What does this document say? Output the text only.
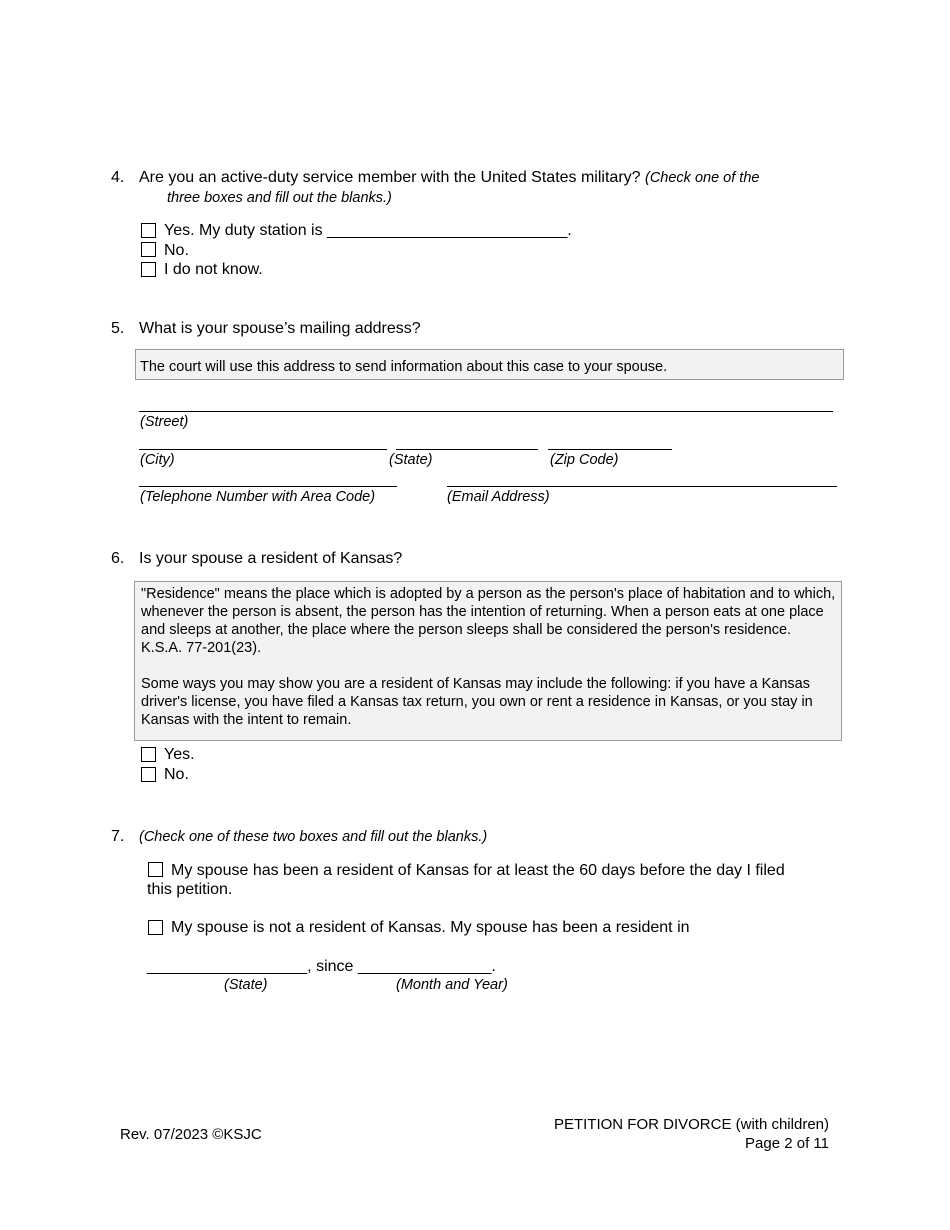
4. Are you an active-duty service member with the United States military? (Check one of the
three boxes and fill out the blanks.)
Yes. My duty station is ___________________________.
No.
I do not know.
5. What is your spouse’s mailing address?
The court will use this address to send information about this case to your spouse.
(Street)
(City)	(State)	(Zip Code)
(Telephone Number with Area Code)	(Email Address)
6. Is your spouse a resident of Kansas?
"Residence" means the place which is adopted by a person as the person's place of habitation and to which, whenever the person is absent, the person has the intention of returning. When a person eats at one place and sleeps at another, the place where the person sleeps shall be considered the person's residence. K.S.A. 77-201(23).
Some ways you may show you are a resident of Kansas may include the following: if you have a Kansas driver's license, you have filed a Kansas tax return, you own or rent a residence in Kansas, or you stay in Kansas with the intent to remain.
Yes.
No.
7. (Check one of these two boxes and fill out the blanks.)
My spouse has been a resident of Kansas for at least the 60 days before the day I filed
this petition.
My spouse is not a resident of Kansas. My spouse has been a resident in
__________________, since _______________.
(State)	(Month and Year)
Rev. 07/2023 ©KSJC
PETITION FOR DIVORCE (with children)
Page 2 of 11
